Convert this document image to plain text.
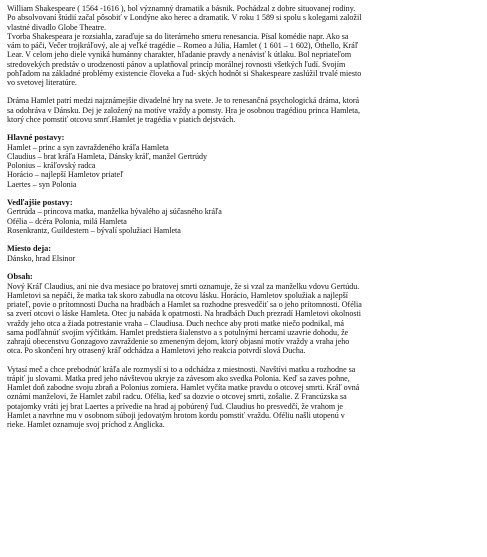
William Shakespeare ( 1564 -1616 ), bol významný dramatik a básnik. Pochádzal z dobre situovanej rodiny.
Po absolvovaní štúdií začal pôsobiť v Londýne ako herec a dramatik. V roku 1 589 si spolu s kolegami založil
vlastné divadlo Globe Theatre.
Tvorba Shakespeara je rozsiahla, zaraďuje sa do literárneho smeru renesancia. Písal komédie napr. Ako sa
vám to páči, Večer trojkráľový, ale aj veľké tragédie – Romeo a Júlia, Hamlet ( 1 601 – 1 602), Othello, Kráľ
Lear. V celom jeho diele vyniká humánny charakter, hľadanie pravdy a nenávisť k útlaku. Bol nepriateľom
stredovekých predstáv o urodzenosti pánov a uplatňoval princíp morálnej rovnosti všetkých ľudí. Svojím
pohľadom na základné problémy existencie človeka a ľud- ských hodnôt si Shakespeare zaslúžil trvalé miesto
vo svetovej literatúre.
Dráma Hamlet patrí medzi najznámejšie divadelné hry na svete. Je to renesančná psychologická dráma, ktorá
sa odohráva v Dánsku. Dej je založený na motíve vraždy a pomsty. Hra je osobnou tragédiou princa Hamleta,
ktorý chce pomstiť otcovu smrť.Hamlet je tragédia v piatich dejstvách.
Hlavné postavy:
Hamlet – princ a syn zavraždeného kráľa Hamleta
Claudius – brat kráľa Hamleta, Dánsky kráľ, manžel Gertrúdy
Polonius – kráľovský radca
Horácio – najlepší Hamletov priateľ
Laertes – syn Polonia
Vedľajšie postavy:
Gertrúda – princova matka, manželka bývalého aj súčasného kráľa
Ofélia – dcéra Polonia, milá Hamleta
Rosenkrantz, Guildestern – bývalí spolužiaci Hamleta
Miesto deja:
Dánsko, hrad Elsinor
Obsah:
Nový Kráľ Claudius, ani nie dva mesiace po bratovej smrti oznamuje, že si vzal za manželku vdovu Gertúdu.
Hamletovi sa nepáči, že matka tak skoro zabudla na otcovu lásku. Horácio, Hamletov spolužiak a najlepší
priateľ, povie o prítomnosti Ducha na hradbách a Hamlet sa rozhodne presvedčiť sa o jeho prítomnosti. Ofélia
sa zverí otcovi o láske Hamleta. Otec ju nabáda k opatrnosti. Na hradbách Duch prezradí Hamletovi okolnosti
vraždy jeho otca a žiada potrestanie vraha – Claudiusa. Duch nechce aby proti matke niečo podnikal, má
sama podľahnúť svojím výčitkám. Hamlet predstiera šialenstvo a s potulnými hercami uzavrie dohodu, že
zahrajú obecenstvu Gonzagovo zavraždenie so zmeneným dejom, ktorý objasní motív vraždy a vraha jeho
otca. Po skončení hry otrasený kráľ odchádza a Hamletovi jeho reakcia potvrdí slová Ducha.
Vytasí meč a chce prebodnúť kráľa ale rozmyslí si to a odchádza z miestnosti. Navštívi matku a rozhodne sa
trápiť ju slovami. Matka pred jeho návštevou ukryje za závesom ako svedka Polonia. Keď sa zaves pohne,
Hamlet doň zabodne svoju zbraň a Polonius zomiera. Hamlet vyčíta matke pravdu o otcovej smrti. Kráľ ovná
oznámi manželovi, že Hamlet zabil radcu. Ofélia, keď sa dozvie o otcovej smrti, zošalie. Z Francúzska sa
potajomky vráti jej brat Laertes a prívedie na hrad aj pobúrený ľud. Claudius ho presvedčí, že vrahom je
Hamlet a navrhne mu v osobnom súboji jedovatým hrotom kordu pomstiť vraždu. Oféliu našli utopenú v
rieke. Hamlet oznamuje svoj príchod z Anglicka.
